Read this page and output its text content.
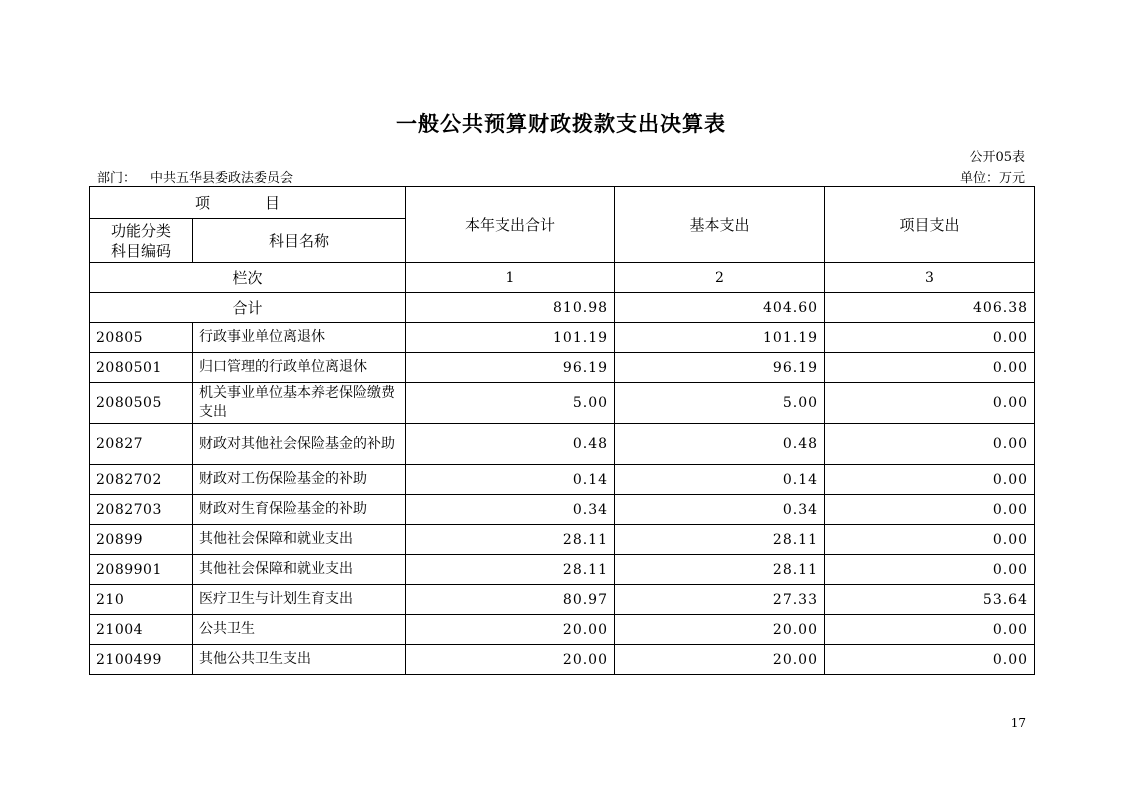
一般公共预算财政拨款支出决算表
公开05表
部门： 中共五华县委政法委员会	单位：万元
项　目		本年支出合计	基本支出	项目支出

功能分类
科目编码	科目名称			
栏次		1	2	3
合计		810.98	404.60	406.38
20805	行政事业单位离退休	101.19	101.19	0.00
2080501	归口管理的行政单位离退休	96.19	96.19	0.00
2080505	机关事业单位基本养老保险缴费支出	5.00	5.00	0.00
20827	财政对其他社会保险基金的补助	0.48	0.48	0.00
2082702	财政对工伤保险基金的补助	0.14	0.14	0.00
2082703	财政对生育保险基金的补助	0.34	0.34	0.00
20899	其他社会保障和就业支出	28.11	28.11	0.00
2089901	其他社会保障和就业支出	28.11	28.11	0.00
210	医疗卫生与计划生育支出	80.97	27.33	53.64
21004	公共卫生	20.00	20.00	0.00
2100499	其他公共卫生支出	20.00	20.00	0.00
17
